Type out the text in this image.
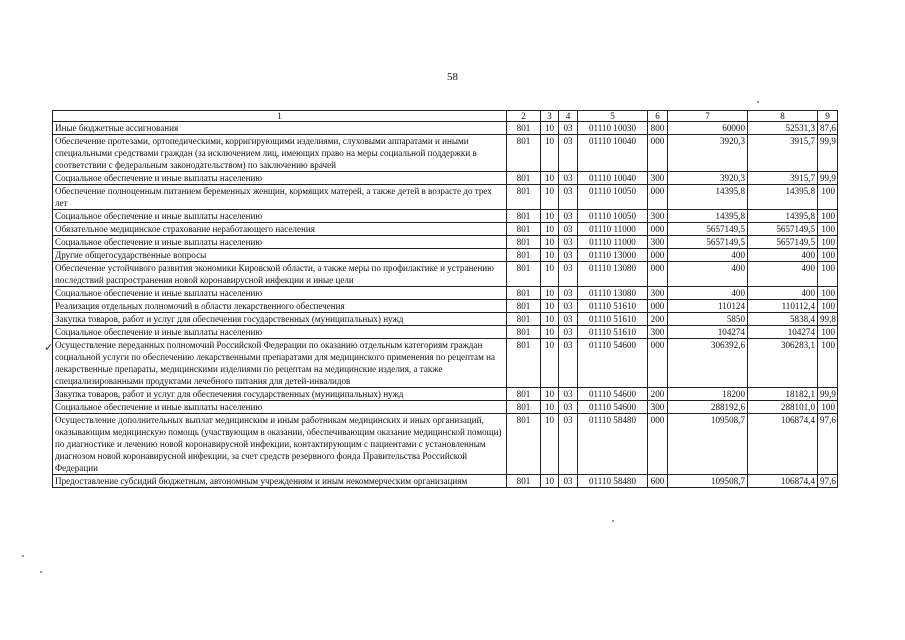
58
✓
1	2	3	4	5	6	7	8	9
Иные бюджетные ассигнования	801	10	03	01110 10030	800	60000	52531,3	87,6
Обеспечение протезами, ортопедическими, корригирующими изделиями, слуховыми аппаратами и иными специальными средствами граждан (за исключением лиц, имеющих право на меры социальной поддержки в соответствии с федеральным законодательством) по заключению врачей	801	10	03	01110 10040	000	3920,3	3915,7	99,9
Социальное обеспечение и иные выплаты населению	801	10	03	01110 10040	300	3920,3	3915,7	99,9
Обеспечение полноценным питанием беременных женщин, кормящих матерей, а также детей в возрасте до трех лет	801	10	03	01110 10050	000	14395,8	14395,8	100
Социальное обеспечение и иные выплаты населению	801	10	03	01110 10050	300	14395,8	14395,8	100
Обязательное медицинское страхование неработающего населения	801	10	03	01110 11000	000	5657149,5	5657149,5	100
Социальное обеспечение и иные выплаты населению	801	10	03	01110 11000	300	5657149,5	5657149,5	100
Другие общегосударственные вопросы	801	10	03	01110 13000	000	400	400	100
Обеспечение устойчивого развития экономики Кировской области, а также меры по профилактике и устранению последствий распространения новой коронавирусной инфекции и иные цели	801	10	03	01110 13080	000	400	400	100
Социальное обеспечение и иные выплаты населению	801	10	03	01110 13080	300	400	400	100
Реализация отдельных полномочий в области лекарственного обеспечения	801	10	03	01110 51610	000	110124	110112,4	100
Закупка товаров, работ и услуг для обеспечения государственных (муниципальных) нужд	801	10	03	01110 51610	200	5850	5838,4	99,8
Социальное обеспечение и иные выплаты населению	801	10	03	01110 51610	300	104274	104274	100
Осуществление переданных полномочий Российской Федерации по оказанию отдельным категориям граждан социальной услуги по обеспечению лекарственными препаратами для медицинского применения по рецептам на лекарственные препараты, медицинскими изделиями по рецептам на медицинские изделия, а также специализированными продуктами лечебного питания для детей-инвалидов	801	10	03	01110 54600	000	306392,6	306283,1	100
Закупка товаров, работ и услуг для обеспечения государственных (муниципальных) нужд	801	10	03	01110 54600	200	18200	18182,1	99,9
Социальное обеспечение и иные выплаты населению	801	10	03	01110 54600	300	288192,6	288101,0	100
Осуществление дополнительных выплат медицинским и иным работникам медицинских и иных организаций, оказывающим медицинскую помощь (участвующим в оказании, обеспечивающим оказание медицинской помощи) по диагностике и лечению новой коронавирусной инфекции, контактирующим с пациентами с установленным диагнозом новой коронавирусной инфекции, за счет средств резервного фонда Правительства Российской Федерации	801	10	03	01110 58480	000	109508,7	106874,4	97,6
Предоставление субсидий бюджетным, автономным учреждениям и иным некоммерческим организациям	801	10	03	01110 58480	600	109508,7	106874,4	97,6
